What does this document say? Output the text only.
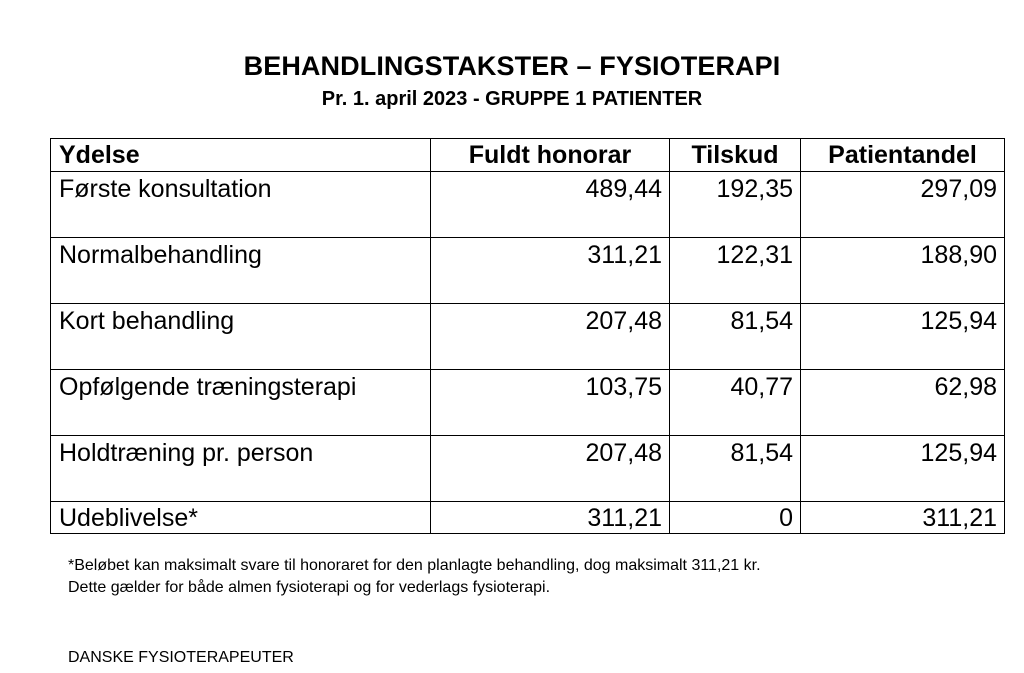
BEHANDLINGSTAKSTER – FYSIOTERAPI
Pr. 1. april 2023 - GRUPPE 1 PATIENTER
Ydelse	Fuldt honorar	Tilskud	Patientandel
Første konsultation	489,44	192,35	297,09
Normalbehandling	311,21	122,31	188,90
Kort behandling	207,48	81,54	125,94
Opfølgende træningsterapi	103,75	40,77	62,98
Holdtræning pr. person	207,48	81,54	125,94
Udeblivelse*	311,21	0	311,21
*Beløbet kan maksimalt svare til honoraret for den planlagte behandling, dog maksimalt 311,21 kr.
Dette gælder for både almen fysioterapi og for vederlags fysioterapi.
DANSKE FYSIOTERAPEUTER
